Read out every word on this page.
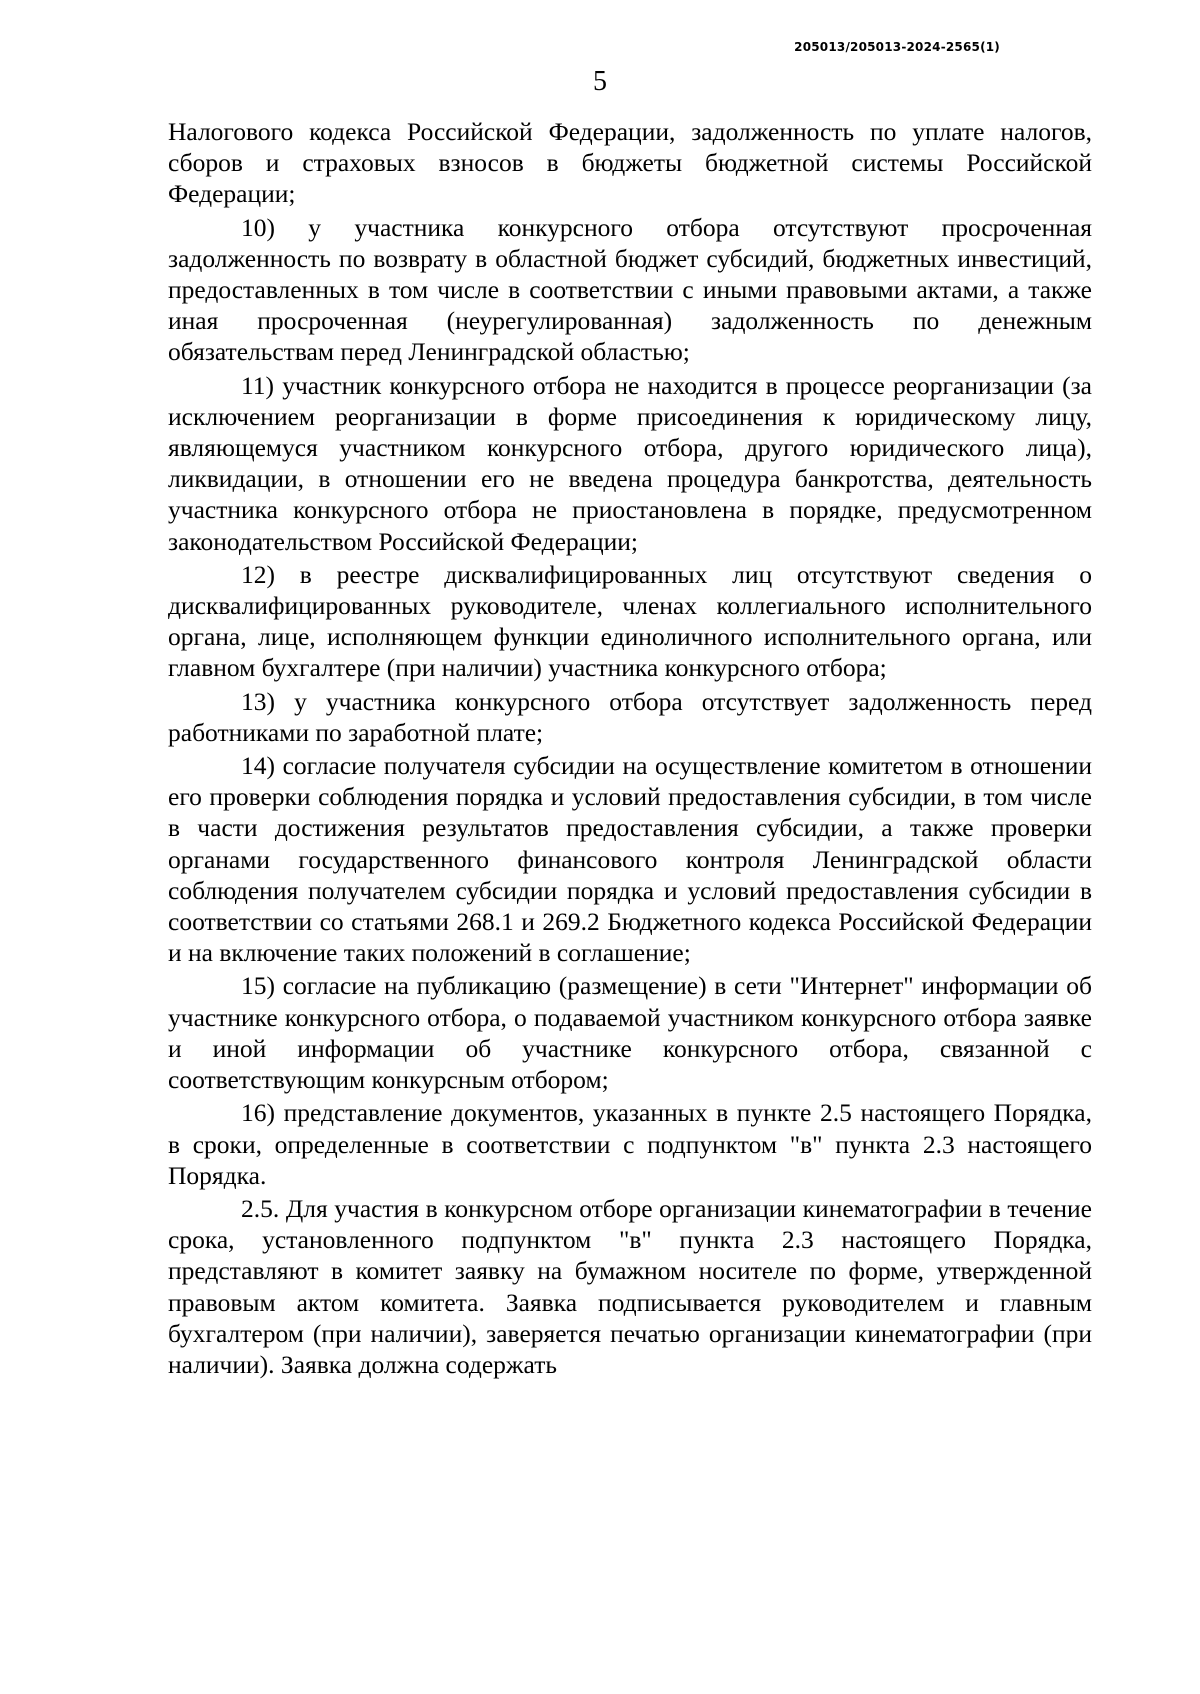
205013/205013-2024-2565(1)
5

Налогового кодекса Российской Федерации, задолженность по уплате налогов, сборов и страховых взносов в бюджеты бюджетной системы Российской Федерации;

10) у участника конкурсного отбора отсутствуют просроченная задолженность по возврату в областной бюджет субсидий, бюджетных инвестиций, предоставленных в том числе в соответствии с иными правовыми актами, а также иная просроченная (неурегулированная) задолженность по денежным обязательствам перед Ленинградской областью;

11) участник конкурсного отбора не находится в процессе реорганизации (за исключением реорганизации в форме присоединения к юридическому лицу, являющемуся участником конкурсного отбора, другого юридического лица), ликвидации, в отношении его не введена процедура банкротства, деятельность участника конкурсного отбора не приостановлена в порядке, предусмотренном законодательством Российской Федерации;

12) в реестре дисквалифицированных лиц отсутствуют сведения о дисквалифицированных руководителе, членах коллегиального исполнительного органа, лице, исполняющем функции единоличного исполнительного органа, или главном бухгалтере (при наличии) участника конкурсного отбора;

13) у участника конкурсного отбора отсутствует задолженность перед работниками по заработной плате;

14) согласие получателя субсидии на осуществление комитетом в отношении его проверки соблюдения порядка и условий предоставления субсидии, в том числе в части достижения результатов предоставления субсидии, а также проверки органами государственного финансового контроля Ленинградской области соблюдения получателем субсидии порядка и условий предоставления субсидии в соответствии со статьями 268.1 и 269.2 Бюджетного кодекса Российской Федерации и на включение таких положений в соглашение;

15) согласие на публикацию (размещение) в сети "Интернет" информации об участнике конкурсного отбора, о подаваемой участником конкурсного отбора заявке и иной информации об участнике конкурсного отбора, связанной с соответствующим конкурсным отбором;

16) представление документов, указанных в пункте 2.5 настоящего Порядка, в сроки, определенные в соответствии с подпунктом "в" пункта 2.3 настоящего Порядка.

2.5. Для участия в конкурсном отборе организации кинематографии в течение срока, установленного подпунктом "в" пункта 2.3 настоящего Порядка, представляют в комитет заявку на бумажном носителе по форме, утвержденной правовым актом комитета. Заявка подписывается руководителем и главным бухгалтером (при наличии), заверяется печатью организации кинематографии (при наличии). Заявка должна содержать
